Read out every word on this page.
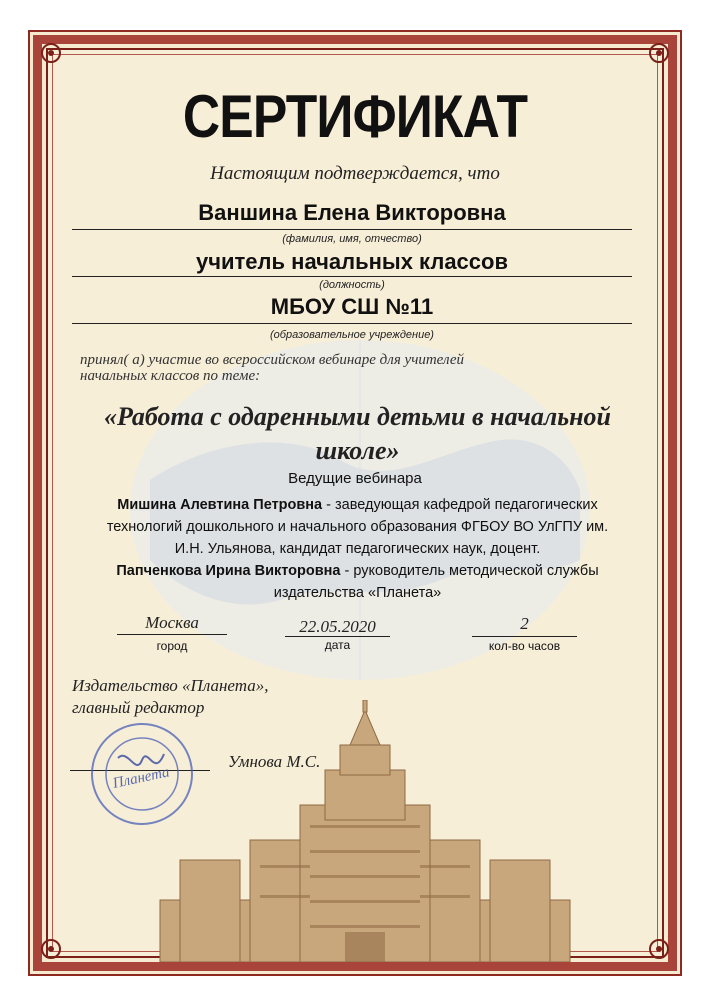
СЕРТИФИКАТ
Настоящим подтверждается, что
Ваншина Елена Викторовна
(фамилия, имя, отчество)
учитель начальных классов
(должность)
МБОУ СШ №11
(образовательное учреждение)
принял( а) участие во всероссийском вебинаре для учителей
начальных классов по теме:
«Работа с одаренными детьми в начальной
школе»
Ведущие вебинара
Мишина Алевтина Петровна - заведующая кафедрой педагогических
технологий дошкольного и начального образования ФГБОУ ВО УлГПУ им.
И.Н. Ульянова, кандидат педагогических наук, доцент.
Папченкова Ирина Викторовна - руководитель методической службы
издательства «Планета»
Москва
город
22.05.2020
дата
2
кол-во часов
Издательство «Планета»,
главный редактор
Умнова М.С.
Планета
